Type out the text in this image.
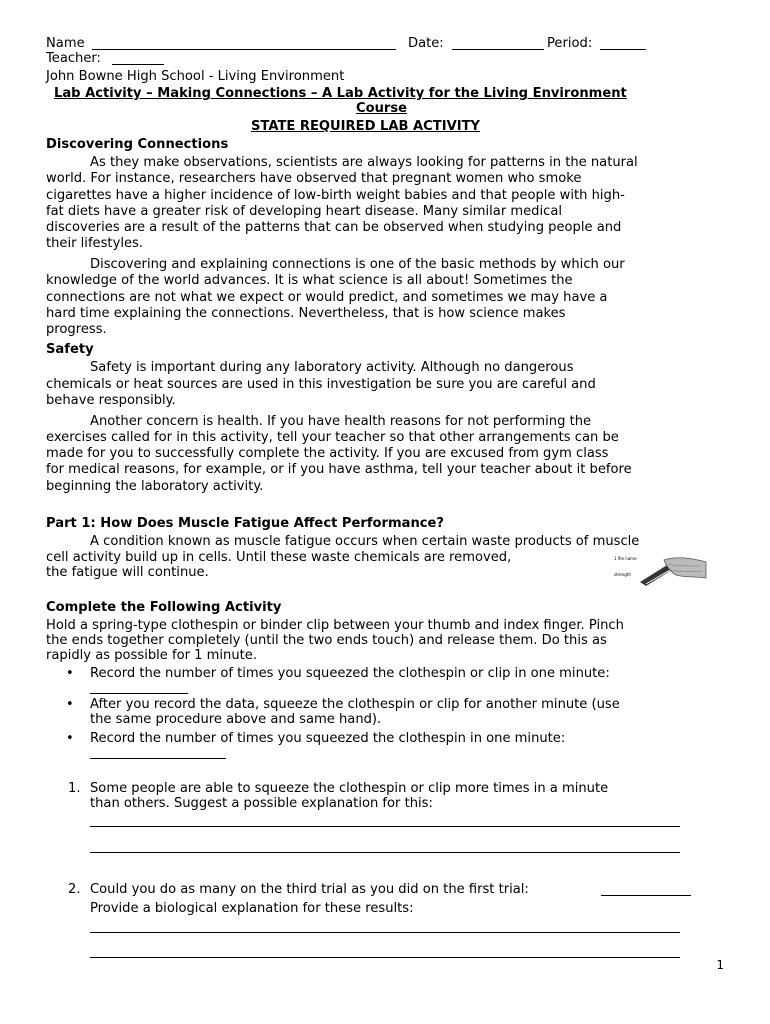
Name	Date:	Period:
Teacher:
John Bowne High School - Living Environment
Lab Activity – Making Connections – A Lab Activity for the Living Environment
Course
STATE REQUIRED LAB ACTIVITY
Discovering Connections
As they make observations, scientists are always looking for patterns in the natural
world. For instance, researchers have observed that pregnant women who smoke
cigarettes have a higher incidence of low-birth weight babies and that people with high-
fat diets have a greater risk of developing heart disease. Many similar medical
discoveries are a result of the patterns that can be observed when studying people and
their lifestyles.
Discovering and explaining connections is one of the basic methods by which our
knowledge of the world advances. It is what science is all about! Sometimes the
connections are not what we expect or would predict, and sometimes we may have a
hard time explaining the connections. Nevertheless, that is how science makes
progress.
Safety
Safety is important during any laboratory activity. Although no dangerous
chemicals or heat sources are used in this investigation be sure you are careful and
behave responsibly.
Another concern is health. If you have health reasons for not performing the
exercises called for in this activity, tell your teacher so that other arrangements can be
made for you to successfully complete the activity. If you are excused from gym class
for medical reasons, for example, or if you have asthma, tell your teacher about it before
beginning the laboratory activity.
Part 1: How Does Muscle Fatigue Affect Performance?
A condition known as muscle fatigue occurs when certain waste products of muscle
cell activity build up in cells. Until these waste chemicals are removed,
the fatigue will continue.
Complete the Following Activity
Hold a spring-type clothespin or binder clip between your thumb and index finger. Pinch
the ends together completely (until the two ends touch) and release them. Do this as
rapidly as possible for 1 minute.
• Record the number of times you squeezed the clothespin or clip in one minute:
• After you record the data, squeeze the clothespin or clip for another minute (use
the same procedure above and same hand).
• Record the number of times you squeezed the clothespin in one minute:
1. Some people are able to squeeze the clothespin or clip more times in a minute
than others. Suggest a possible explanation for this:
2. Could you do as many on the third trial as you did on the first trial:
Provide a biological explanation for these results:
1 file name
strength
1
